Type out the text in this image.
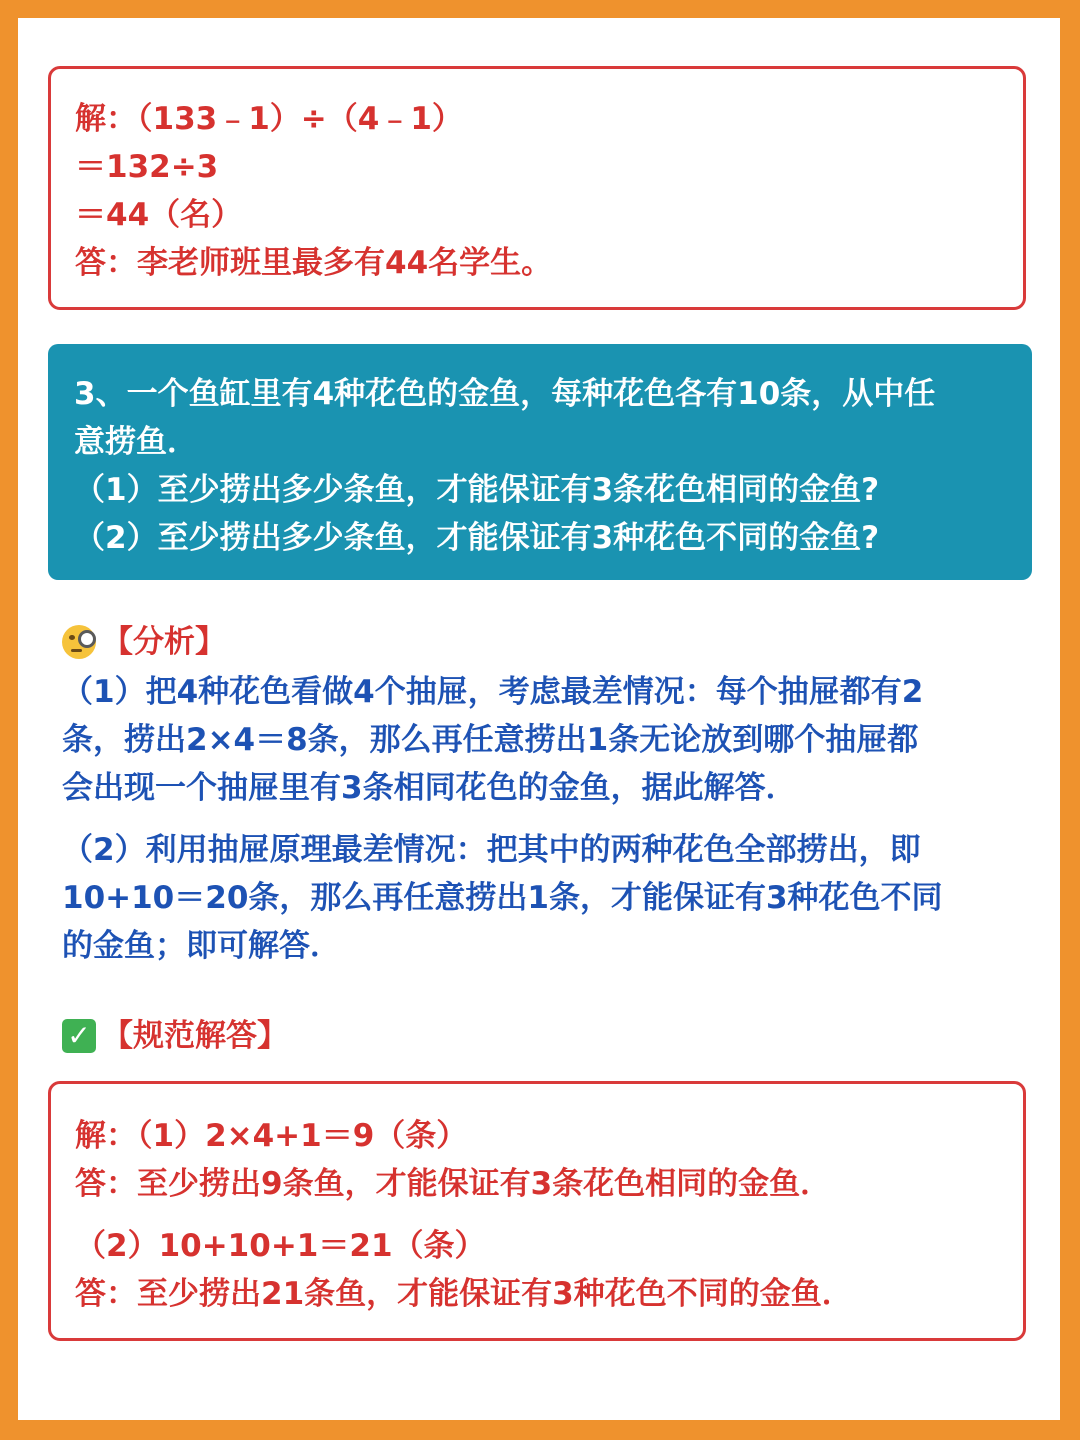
解：（133﹣1）÷（4﹣1）
＝132÷3
＝44（名）
答：李老师班里最多有44名学生。
3、一个鱼缸里有4种花色的金鱼，每种花色各有10条，从中任
意捞鱼．
（1）至少捞出多少条鱼，才能保证有3条花色相同的金鱼?
（2）至少捞出多少条鱼，才能保证有3种花色不同的金鱼?
【分析】
（1）把4种花色看做4个抽屉，考虑最差情况：每个抽屉都有2
条，捞出2×4＝8条，那么再任意捞出1条无论放到哪个抽屉都
会出现一个抽屉里有3条相同花色的金鱼，据此解答．
（2）利用抽屉原理最差情况：把其中的两种花色全部捞出，即
10+10＝20条，那么再任意捞出1条，才能保证有3种花色不同
的金鱼；即可解答．
✓ 【规范解答】
解：（1）2×4+1＝9（条）
答：至少捞出9条鱼，才能保证有3条花色相同的金鱼．
（2）10+10+1＝21（条）
答：至少捞出21条鱼，才能保证有3种花色不同的金鱼．
